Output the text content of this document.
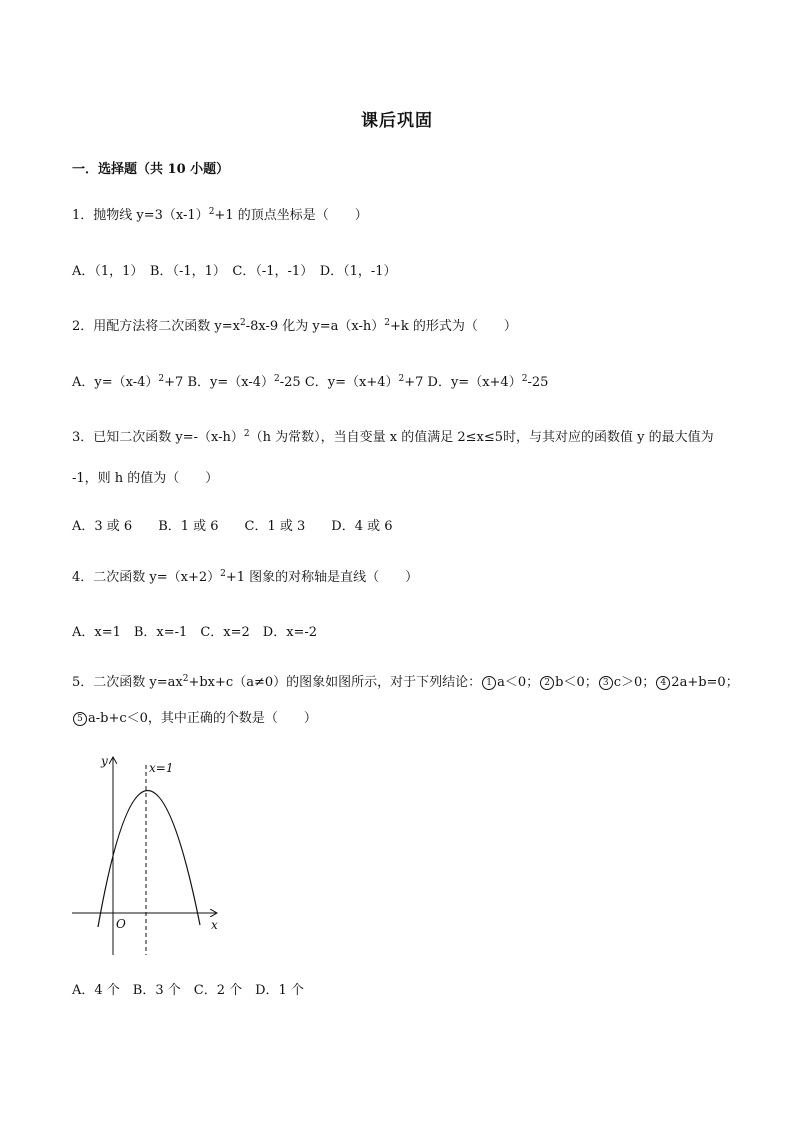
课后巩固
一．选择题（共 10 小题）
1．抛物线 $y=3(x-1)^2+1$ 的顶点坐标是（　　）
A．（1，1）　B．（-1，1）　C．（-1，-1）　D．（1，-1）
2．用配方法将二次函数 $y=x^2-8x-9$ 化为 $y=a(x-h)^2+k$ 的形式为（　　）
A．$y=(x-4)^2+7$ B．$y=(x-4)^2-25$ C．$y=(x+4)^2+7$ D．$y=(x+4)^2-25$
3．已知二次函数 $y=-(x-h)^2(h$ 为常数），当自变量 x 的值满足 2≤x≤5时，与其对应的函数值 y 的最大值为
-1，则 h 的值为（　　）
A．3 或 6　　B．1 或 6　　C．1 或 3　　D．4 或 6
4．二次函数 $y=(x+2)^2+1$ 图象的对称轴是直线（　　）
A．x=1　B．x=-1　C．x=2　D．x=-2
5．二次函数 $y=ax^2+bx+c(a\ne 0)$的图象如图所示，对于下列结论： 1 a＜0； 2 b＜0； 3 c＞0； 4 2a+b=0；
5 a-b+c＜0，其中正确的个数是（　　）
y
x
O
x=1
A．4 个　B．3 个　C．2 个　D．1 个
